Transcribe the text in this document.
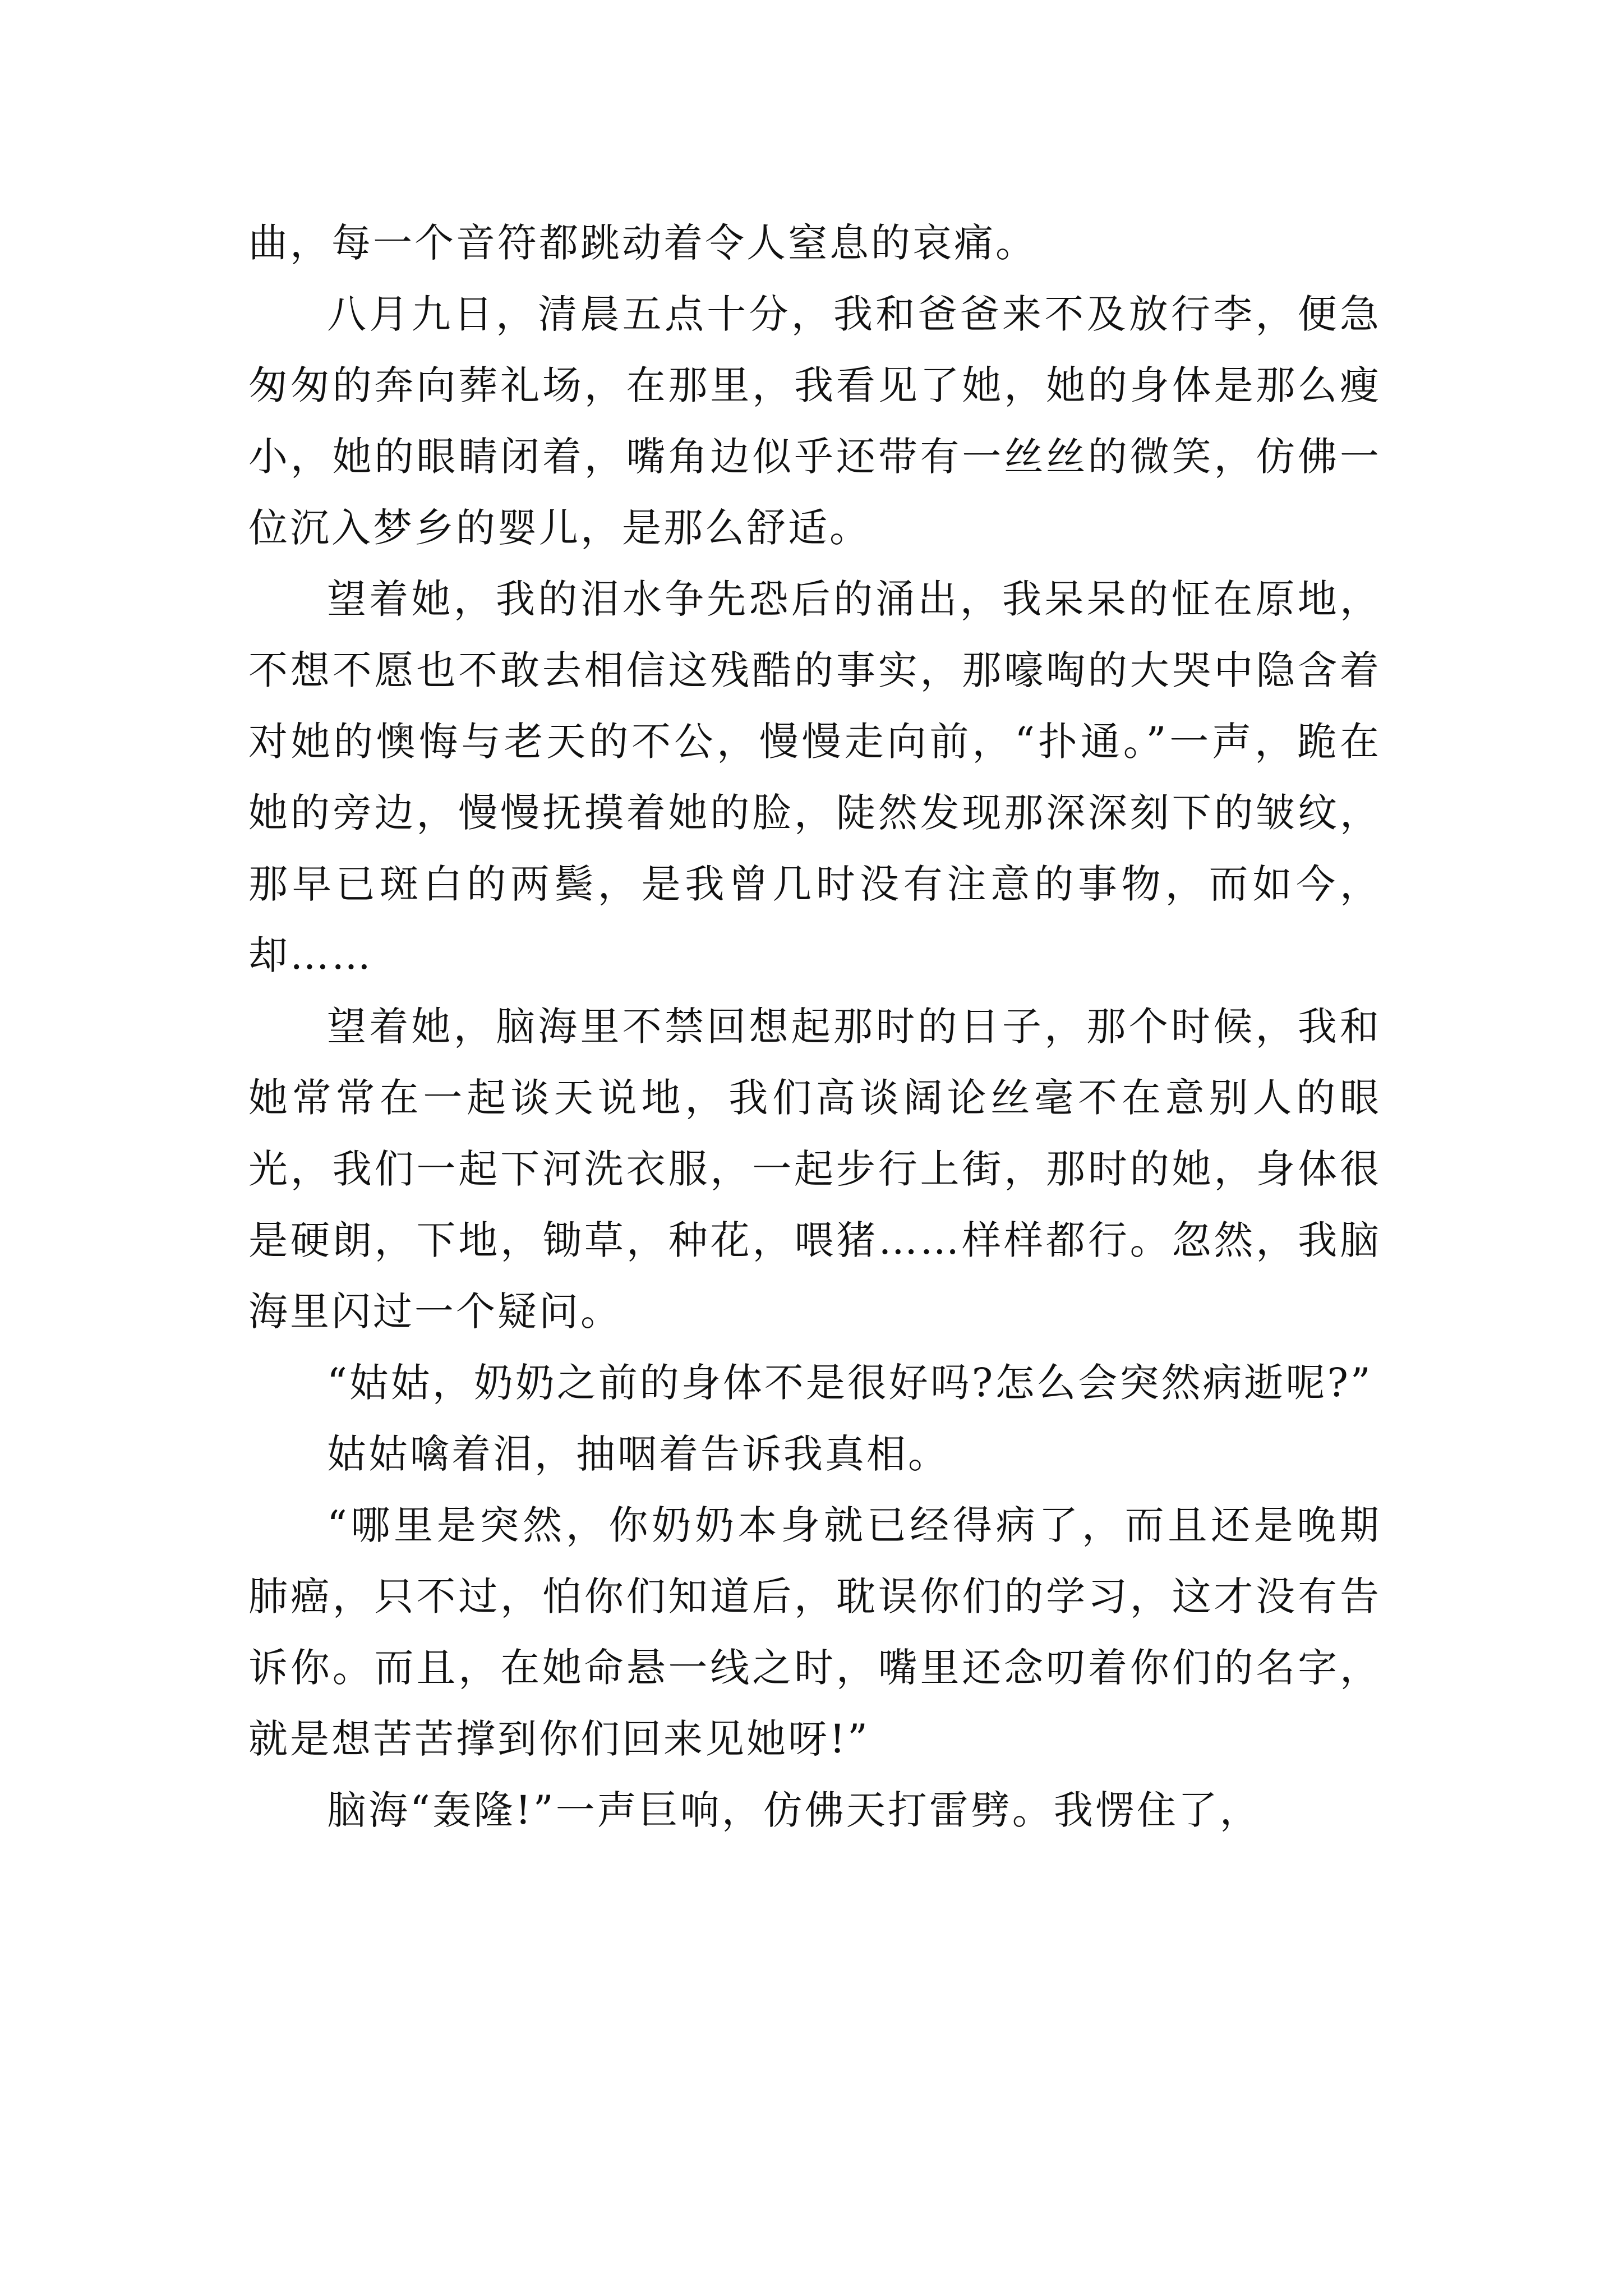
曲，每一个音符都跳动着令人窒息的哀痛。

八月九日，清晨五点十分，我和爸爸来不及放行李，便急匆匆的奔向葬礼场，在那里，我看见了她，她的身体是那么瘦小，她的眼睛闭着，嘴角边似乎还带有一丝丝的微笑，仿佛一位沉入梦乡的婴儿，是那么舒适。

望着她，我的泪水争先恐后的涌出，我呆呆的怔在原地，不想不愿也不敢去相信这残酷的事实，那嚎啕的大哭中隐含着对她的懊悔与老天的不公，慢慢走向前，“扑通。”一声，跪在她的旁边，慢慢抚摸着她的脸，陡然发现那深深刻下的皱纹，那早已斑白的两鬓，是我曾几时没有注意的事物，而如今，却……

望着她，脑海里不禁回想起那时的日子，那个时候，我和她常常在一起谈天说地，我们高谈阔论丝毫不在意别人的眼光，我们一起下河洗衣服，一起步行上街，那时的她，身体很是硬朗，下地，锄草，种花，喂猪……样样都行。忽然，我脑海里闪过一个疑问。

“姑姑，奶奶之前的身体不是很好吗?怎么会突然病逝呢?”

姑姑噙着泪，抽咽着告诉我真相。

“哪里是突然，你奶奶本身就已经得病了，而且还是晚期肺癌，只不过，怕你们知道后，耽误你们的学习，这才没有告诉你。而且，在她命悬一线之时，嘴里还念叨着你们的名字，就是想苦苦撑到你们回来见她呀!”

脑海“轰隆!”一声巨响，仿佛天打雷劈。我愣住了，
